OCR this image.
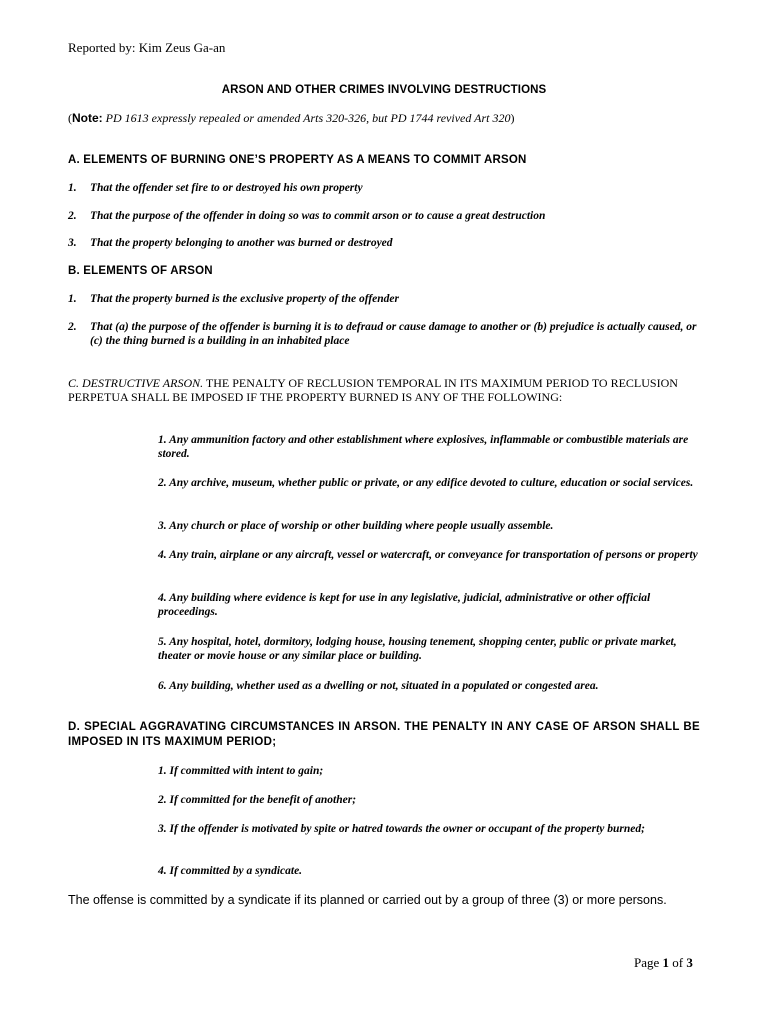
Reported by: Kim Zeus Ga-an
ARSON AND OTHER CRIMES INVOLVING DESTRUCTIONS
(Note: PD 1613 expressly repealed or amended Arts 320-326, but PD 1744 revived Art 320)
A. ELEMENTS OF BURNING ONE’S PROPERTY AS A MEANS TO COMMIT ARSON
1.	That the offender set fire to or destroyed his own property
2.	That the purpose of the offender in doing so was to commit arson or to cause a great destruction
3.	That the property belonging to another was burned or destroyed
B. ELEMENTS OF ARSON
1.	That the property burned is the exclusive property of the offender
2.	That (a) the purpose of the offender is burning it is to defraud or cause damage to another or (b) prejudice is actually caused, or (c) the thing burned is a building in an inhabited place
C. DESTRUCTIVE ARSON. THE PENALTY OF RECLUSION TEMPORAL IN ITS MAXIMUM PERIOD TO RECLUSION PERPETUA SHALL BE IMPOSED IF THE PROPERTY BURNED IS ANY OF THE FOLLOWING:
1. Any ammunition factory and other establishment where explosives, inflammable or combustible materials are stored.
2. Any archive, museum, whether public or private, or any edifice devoted to culture, education or social services.
3. Any church or place of worship or other building where people usually assemble.
4. Any train, airplane or any aircraft, vessel or watercraft, or conveyance for transportation of persons or property
4. Any building where evidence is kept for use in any legislative, judicial, administrative or other official proceedings.
5. Any hospital, hotel, dormitory, lodging house, housing tenement, shopping center, public or private market, theater or movie house or any similar place or building.
6. Any building, whether used as a dwelling or not, situated in a populated or congested area.
D. SPECIAL AGGRAVATING CIRCUMSTANCES IN ARSON. THE PENALTY IN ANY CASE OF ARSON SHALL BE IMPOSED IN ITS MAXIMUM PERIOD;
1. If committed with intent to gain;
2. If committed for the benefit of another;
3. If the offender is motivated by spite or hatred towards the owner or occupant of the property burned;
4. If committed by a syndicate.
The offense is committed by a syndicate if its planned or carried out by a group of three (3) or more persons.
Page 1 of 3
